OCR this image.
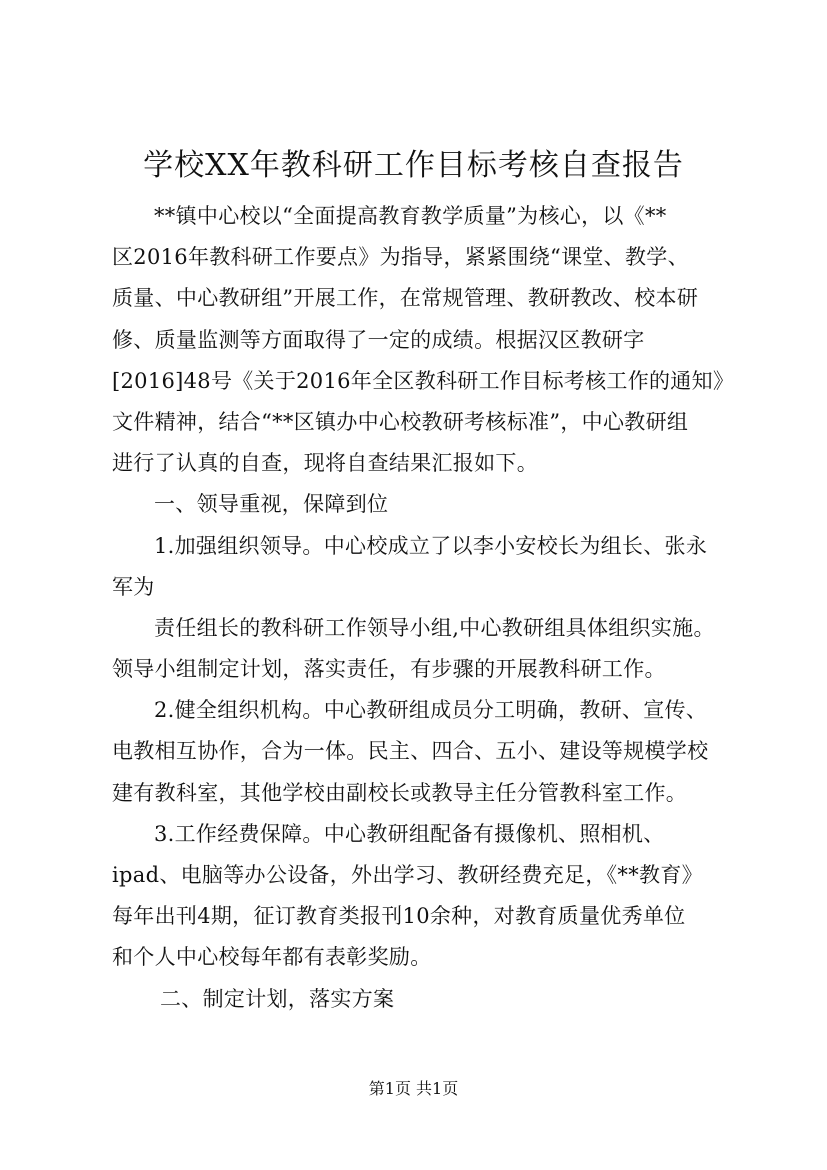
学校XX年教科研工作目标考核自查报告
**镇中心校以“全面提高教育教学质量”为核心，以《**
区2016年教科研工作要点》为指导，紧紧围绕“课堂、教学、
质量、中心教研组”开展工作，在常规管理、教研教改、校本研
修、质量监测等方面取得了一定的成绩。根据汉区教研字
[2016]48号《关于2016年全区教科研工作目标考核工作的通知》
文件精神，结合“**区镇办中心校教研考核标准”，中心教研组
进行了认真的自查，现将自查结果汇报如下。
一、领导重视，保障到位
1.加强组织领导。中心校成立了以李小安校长为组长、张永
军为
责任组长的教科研工作领导小组,中心教研组具体组织实施。
领导小组制定计划，落实责任，有步骤的开展教科研工作。
2.健全组织机构。中心教研组成员分工明确，教研、宣传、
电教相互协作，合为一体。民主、四合、五小、建设等规模学校
建有教科室，其他学校由副校长或教导主任分管教科室工作。
3.工作经费保障。中心教研组配备有摄像机、照相机、
ipad、电脑等办公设备，外出学习、教研经费充足，《**教育》
每年出刊4期，征订教育类报刊10余种，对教育质量优秀单位
和个人中心校每年都有表彰奖励。
二、制定计划，落实方案
第1页 共1页
